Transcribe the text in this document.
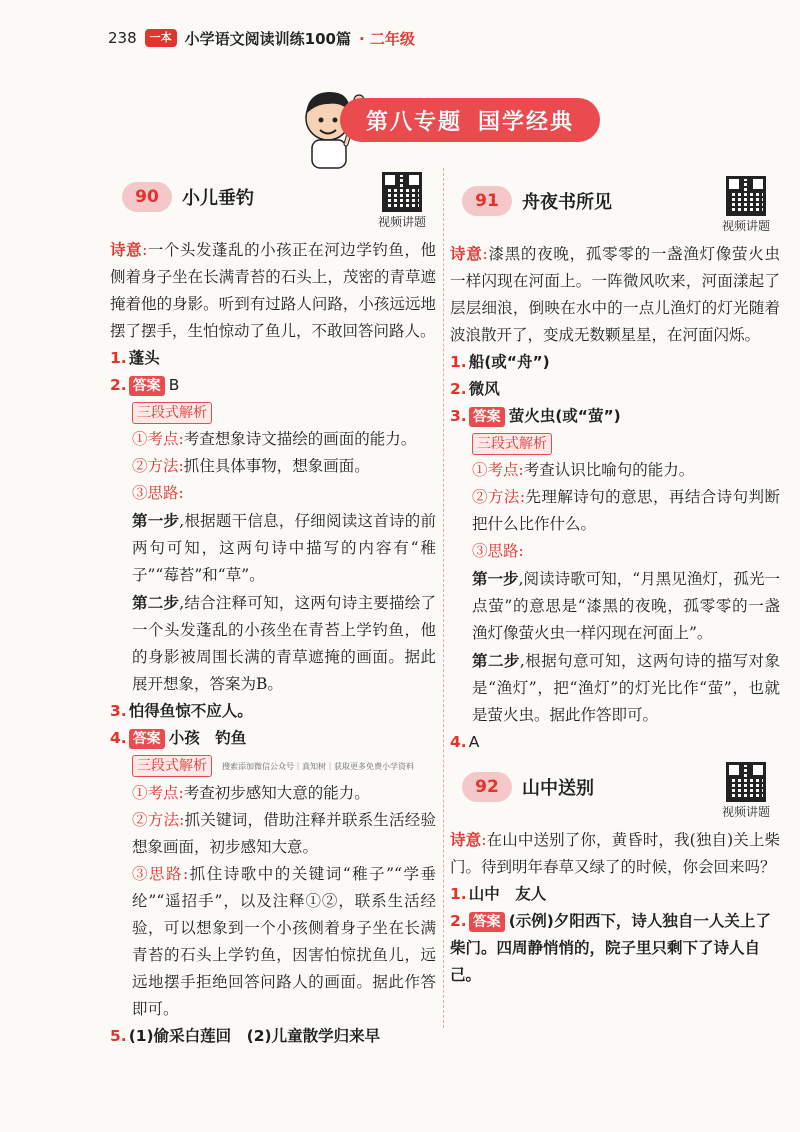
238	一本 小学语文阅读训练100篇 · 二年级
第八专题 国学经典
90	小儿垂钓
视频讲题

诗意:一个头发蓬乱的小孩正在河边学钓鱼，他侧着身子坐在长满青苔的石头上，茂密的青草遮掩着他的身影。听到有过路人问路，小孩远远地摆了摆手，生怕惊动了鱼儿，不敢回答问路人。

1. 蓬头

2. 答案 B

三段式解析

①考点:考查想象诗文描绘的画面的能力。

②方法:抓住具体事物，想象画面。

③思路:

第一步,根据题干信息，仔细阅读这首诗的前两句可知，这两句诗中描写的内容有“稚子”“莓苔”和“草”。

第二步,结合注释可知，这两句诗主要描绘了一个头发蓬乱的小孩坐在青苔上学钓鱼，他的身影被周围长满的青草遮掩的画面。据此展开想象，答案为B。

3. 怕得鱼惊不应人。

4. 答案 小孩　钓鱼

三段式解析 搜索添加微信公众号｜真知树｜获取更多免费小学资料

①考点:考查初步感知大意的能力。

②方法:抓关键词，借助注释并联系生活经验想象画面，初步感知大意。

③思路:抓住诗歌中的关键词“稚子”“学垂纶”“遥招手”，以及注释①②，联系生活经验，可以想象到一个小孩侧着身子坐在长满青苔的石头上学钓鱼，因害怕惊扰鱼儿，远远地摆手拒绝回答问路人的画面。据此作答即可。

5. (1)偷采白莲回　(2)儿童散学归来早

91	舟夜书所见
视频讲题

诗意:漆黑的夜晚，孤零零的一盏渔灯像萤火虫一样闪现在河面上。一阵微风吹来，河面漾起了层层细浪，倒映在水中的一点儿渔灯的灯光随着波浪散开了，变成无数颗星星，在河面闪烁。

1. 船(或“舟”)

2. 微风

3. 答案 萤火虫(或“萤”)

三段式解析

①考点:考查认识比喻句的能力。

②方法:先理解诗句的意思，再结合诗句判断把什么比作什么。

③思路:

第一步,阅读诗歌可知，“月黑见渔灯，孤光一点萤”的意思是“漆黑的夜晚，孤零零的一盏渔灯像萤火虫一样闪现在河面上”。

第二步,根据句意可知，这两句诗的描写对象是“渔灯”，把“渔灯”的灯光比作“萤”，也就是萤火虫。据此作答即可。

4. A

92	山中送别
视频讲题

诗意:在山中送别了你，黄昏时，我(独自)关上柴门。待到明年春草又绿了的时候，你会回来吗？

1. 山中　友人

2. 答案 (示例)夕阳西下，诗人独自一人关上了柴门。四周静悄悄的，院子里只剩下了诗人自己。
